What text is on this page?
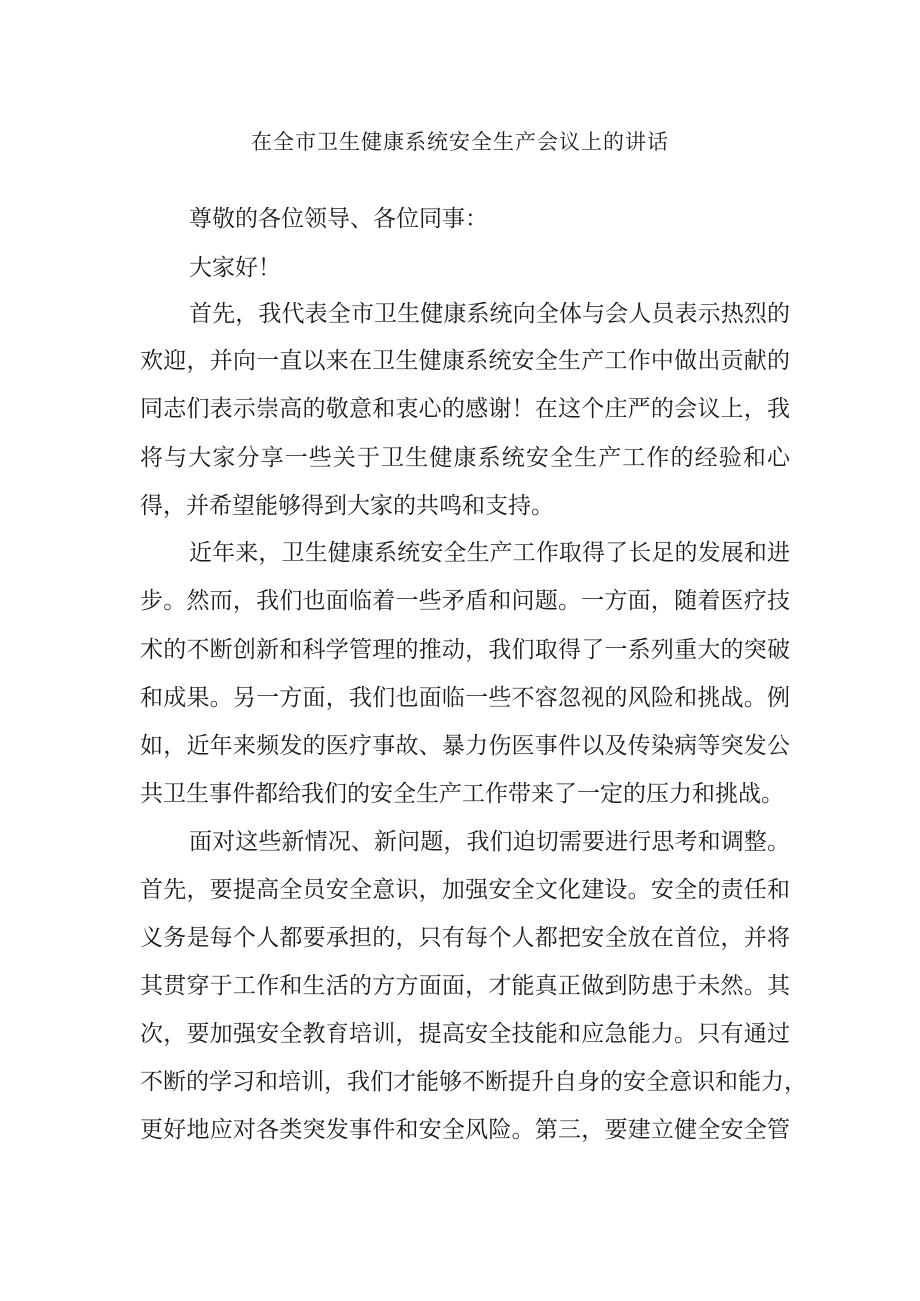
在全市卫生健康系统安全生产会议上的讲话
尊敬的各位领导、各位同事：
大家好！
首先，我代表全市卫生健康系统向全体与会人员表示热烈的
欢迎，并向一直以来在卫生健康系统安全生产工作中做出贡献的
同志们表示崇高的敬意和衷心的感谢！在这个庄严的会议上，我
将与大家分享一些关于卫生健康系统安全生产工作的经验和心
得，并希望能够得到大家的共鸣和支持。
近年来，卫生健康系统安全生产工作取得了长足的发展和进
步。然而，我们也面临着一些矛盾和问题。一方面，随着医疗技
术的不断创新和科学管理的推动，我们取得了一系列重大的突破
和成果。另一方面，我们也面临一些不容忽视的风险和挑战。例
如，近年来频发的医疗事故、暴力伤医事件以及传染病等突发公
共卫生事件都给我们的安全生产工作带来了一定的压力和挑战。
面对这些新情况、新问题，我们迫切需要进行思考和调整。
首先，要提高全员安全意识，加强安全文化建设。安全的责任和
义务是每个人都要承担的，只有每个人都把安全放在首位，并将
其贯穿于工作和生活的方方面面，才能真正做到防患于未然。其
次，要加强安全教育培训，提高安全技能和应急能力。只有通过
不断的学习和培训，我们才能够不断提升自身的安全意识和能力，
更好地应对各类突发事件和安全风险。第三，要建立健全安全管
